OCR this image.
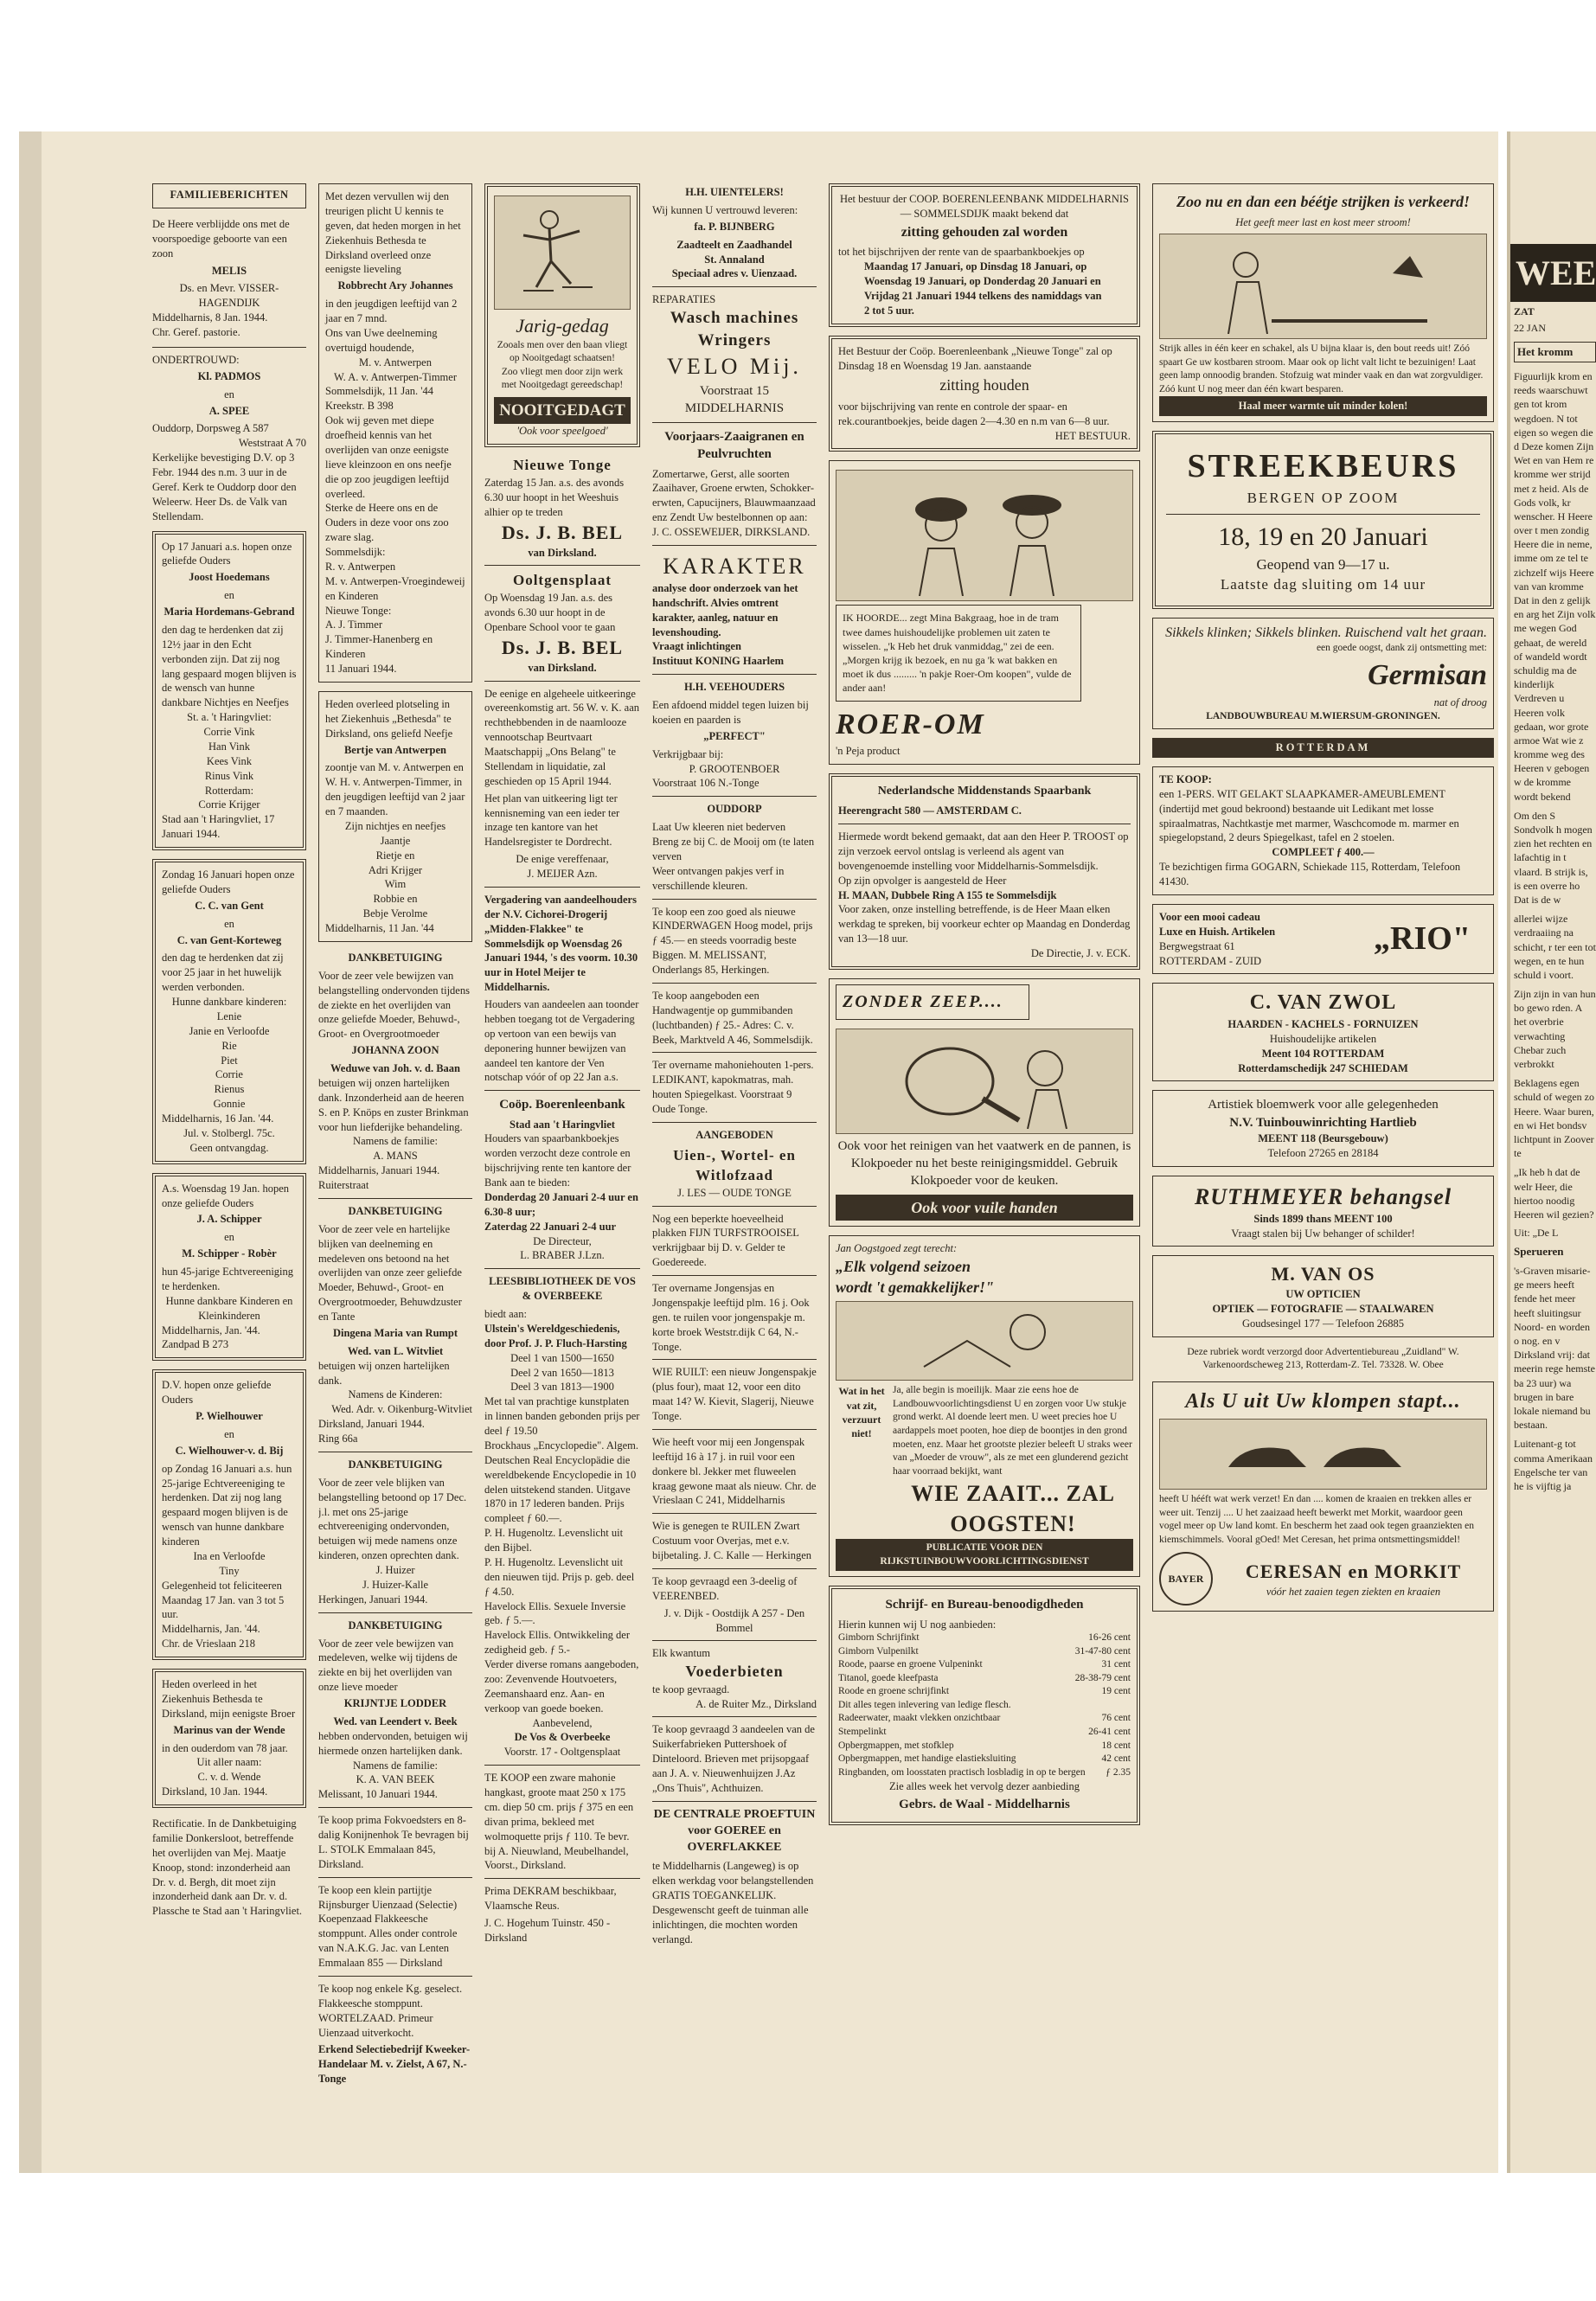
FAMILIEBERICHTEN
De Heere verblijdde ons met de voorspoedige geboorte van een zoon
MELIS
Ds. en Mevr. VISSER-HAGENDIJK
Middelharnis, 8 Jan. 1944.
Chr. Geref. pastorie.
ONDERTROUWD:
Kl. PADMOS
en
A. SPEE
Ouddorp, Dorpsweg A 587
Weststraat A 70
Kerkelijke bevestiging D.V. op 3 Febr. 1944 des n.m. 3 uur in de Geref. Kerk te Ouddorp door den Weleerw. Heer Ds. de Valk van Stellendam.
Op 17 Januari a.s. hopen onze geliefde Ouders
Joost Hoedemans
en
Maria Hordemans-Gebrand
den dag te herdenken dat zij 12½ jaar in den Echt verbonden zijn. Dat zij nog lang gespaard mogen blijven is de wensch van hunne dankbare Nichtjes en Neefjes
St. a. 't Haringvliet:
Corrie Vink
Han Vink
Kees Vink
Rinus Vink
Rotterdam:
Corrie Krijger
Stad aan 't Haringvliet, 17 Januari 1944.
Zondag 16 Januari hopen onze geliefde Ouders
C. C. van Gent
en
C. van Gent-Korteweg
den dag te herdenken dat zij voor 25 jaar in het huwelijk werden verbonden.
Hunne dankbare kinderen:
Lenie
Janie en Verloofde
Rie
Piet
Corrie
Rienus
Gonnie
Middelharnis, 16 Jan. '44.
Jul. v. Stolbergl. 75c.
Geen ontvangdag.
A.s. Woensdag 19 Jan. hopen onze geliefde Ouders
J. A. Schipper
en
M. Schipper - Robèr
hun 45-jarige Echtvereeniging te herdenken.
Hunne dankbare Kinderen en Kleinkinderen
Middelharnis, Jan. '44.
Zandpad B 273
D.V. hopen onze geliefde Ouders
P. Wielhouwer
en
C. Wielhouwer-v. d. Bij
op Zondag 16 Januari a.s. hun 25-jarige Echtvereeniging te herdenken. Dat zij nog lang gespaard mogen blijven is de wensch van hunne dankbare kinderen
Ina en Verloofde
Tiny
Gelegenheid tot feliciteeren Maandag 17 Jan. van 3 tot 5 uur.
Middelharnis, Jan. '44.
Chr. de Vrieslaan 218
Heden overleed in het Ziekenhuis Bethesda te Dirksland, mijn eenigste Broer
Marinus van der Wende
in den ouderdom van 78 jaar.
Uit aller naam:
C. v. d. Wende
Dirksland, 10 Jan. 1944.
Rectificatie. In de Dankbetuiging familie Donkersloot, betreffende het overlijden van Mej. Maatje Knoop, stond: inzonderheid aan Dr. v. d. Bergh, dit moet zijn inzonderheid dank aan Dr. v. d. Plassche te Stad aan 't Haringvliet.
Met dezen vervullen wij den treurigen plicht U kennis te geven, dat heden morgen in het Ziekenhuis Bethesda te Dirksland overleed onze eenigste lieveling
Robbrecht Ary Johannes
in den jeugdigen leeftijd van 2 jaar en 7 mnd.
Ons van Uwe deelneming overtuigd houdende,
M. v. Antwerpen
W. A. v. Antwerpen-Timmer
Sommelsdijk, 11 Jan. '44
Kreekstr. B 398
Ook wij geven met diepe droefheid kennis van het overlijden van onze eenigste lieve kleinzoon en ons neefje die op zoo jeugdigen leeftijd overleed.
Sterke de Heere ons en de Ouders in deze voor ons zoo zware slag.
Sommelsdijk:
R. v. Antwerpen
M. v. Antwerpen-Vroegindeweij en Kinderen
Nieuwe Tonge:
A. J. Timmer
J. Timmer-Hanenberg en Kinderen
11 Januari 1944.
Heden overleed plotseling in het Ziekenhuis „Bethesda" te Dirksland, ons geliefd Neefje
Bertje van Antwerpen
zoontje van M. v. Antwerpen en W. H. v. Antwerpen-Timmer, in den jeugdigen leeftijd van 2 jaar en 7 maanden.
Zijn nichtjes en neefjes
Jaantje
Rietje en
Adri Krijger
Wim
Robbie en
Bebje Verolme
Middelharnis, 11 Jan. '44
DANKBETUIGING
Voor de zeer vele bewijzen van belangstelling ondervonden tijdens de ziekte en het overlijden van onze geliefde Moeder, Behuwd-, Groot- en Overgrootmoeder
JOHANNA ZOON
Weduwe van Joh. v. d. Baan
betuigen wij onzen hartelijken dank. Inzonderheid aan de heeren S. en P. Knöps en zuster Brinkman voor hun liefderijke behandeling.
Namens de familie:
A. MANS
Middelharnis, Januari 1944.
Ruiterstraat
DANKBETUIGING
Voor de zeer vele en hartelijke blijken van deelneming en medeleven ons betoond na het overlijden van onze zeer geliefde Moeder, Behuwd-, Groot- en Overgrootmoeder, Behuwdzuster en Tante
Dingena Maria van Rumpt
Wed. van L. Witvliet
betuigen wij onzen hartelijken dank.
Namens de Kinderen:
Wed. Adr. v. Oikenburg-Witvliet
Dirksland, Januari 1944.
Ring 66a
DANKBETUIGING
Voor de zeer vele blijken van belangstelling betoond op 17 Dec. j.l. met ons 25-jarige echtvereeniging ondervonden, betuigen wij mede namens onze kinderen, onzen oprechten dank.
J. Huizer
J. Huizer-Kalle
Herkingen, Januari 1944.
DANKBETUIGING
Voor de zeer vele bewijzen van medeleven, welke wij tijdens de ziekte en bij het overlijden van onze lieve moeder
KRIJNTJE LODDER
Wed. van Leendert v. Beek
hebben ondervonden, betuigen wij hiermede onzen hartelijken dank.
Namens de familie:
K. A. VAN BEEK
Melissant, 10 Januari 1944.
Te koop prima Fokvoedsters en 8-dalig Konijnenhok Te bevragen bij L. STOLK Emmalaan 845, Dirksland.
Te koop een klein partijtje Rijnsburger Uienzaad (Selectie) Koepenzaad Flakkeesche stomppunt. Alles onder controle van N.A.K.G. Jac. van Lenten Emmalaan 855 — Dirksland
Te koop nog enkele Kg. geselect. Flakkeesche stomppunt. WORTELZAAD. Primeur Uienzaad uitverkocht.
Erkend Selectiebedrijf Kweeker-Handelaar M. v. Zielst, A 67, N.-Tonge
Jarig-gedag
Zooals men over den baan vliegt op Nooitgedagt schaatsen!
Zoo vliegt men door zijn werk met Nooitgedagt gereedschap!
NOOITGEDAGT
'Ook voor speelgoed'
Nieuwe Tonge
Zaterdag 15 Jan. a.s. des avonds 6.30 uur hoopt in het Weeshuis alhier op te treden
Ds. J. B. BEL
van Dirksland.
Ooltgensplaat
Op Woensdag 19 Jan. a.s. des avonds 6.30 uur hoopt in de Openbare School voor te gaan
Ds. J. B. BEL
van Dirksland.
De eenige en algeheele uitkeeringe overeenkomstig art. 56 W. v. K. aan rechthebbenden in de naamlooze vennootschap Beurtvaart Maatschappij „Ons Belang" te Stellendam in liquidatie, zal geschieden op 15 April 1944.
Het plan van uitkeering ligt ter kennisneming van een ieder ter inzage ten kantore van het Handelsregister te Dordrecht.
De enige vereffenaar,
J. MEIJER Azn.
Vergadering van aandeelhouders der N.V. Cichorei-Drogerij „Midden-Flakkee" te Sommelsdijk op Woensdag 26 Januari 1944, 's des voorm. 10.30 uur in Hotel Meijer te Middelharnis.
Houders van aandeelen aan toonder hebben toegang tot de Vergadering op vertoon van een bewijs van deponering hunner bewijzen van aandeel ten kantore der Ven notschap vóór of op 22 Jan a.s.
Coöp. Boerenleenbank
Stad aan 't Haringvliet
Houders van spaarbankboekjes worden verzocht deze controle en bijschrijving rente ten kantore der Bank aan te bieden:
Donderdag 20 Januari 2-4 uur en 6.30-8 uur;
Zaterdag 22 Januari 2-4 uur
De Directeur,
L. BRABER J.Lzn.
LEESBIBLIOTHEEK DE VOS & OVERBEEKE
biedt aan:
Ulstein's Wereldgeschiedenis, door Prof. J. P. Fluch-Harsting
Deel 1 van 1500—1650
Deel 2 van 1650—1813
Deel 3 van 1813—1900
Met tal van prachtige kunstplaten in linnen banden gebonden prijs per deel ƒ 19.50
Brockhaus „Encyclopedie". Algem. Deutschen Real Encyclopädie die wereldbekende Encyclopedie in 10 delen uitstekend standen. Uitgave 1870 in 17 lederen banden. Prijs compleet ƒ 60.—.
P. H. Hugenoltz. Levenslicht uit den Bijbel.
P. H. Hugenoltz. Levenslicht uit den nieuwen tijd. Prijs p. geb. deel ƒ 4.50.
Havelock Ellis. Sexuele Inversie geb. ƒ 5.—.
Havelock Ellis. Ontwikkeling der zedigheid geb. ƒ 5.-
Verder diverse romans aangeboden, zoo: Zevenvende Houtvoeters, Zeemanshaard enz. Aan- en verkoop van goede boeken.
Aanbevelend,
De Vos & Overbeeke
Voorstr. 17 - Ooltgensplaat
TE KOOP een zware mahonie hangkast, groote maat 250 x 175 cm. diep 50 cm. prijs ƒ 375 en een divan prima, bekleed met wolmoquette prijs ƒ 110. Te bevr. bij A. Nieuwland, Meubelhandel, Voorst., Dirksland.
Prima DEKRAM beschikbaar, Vlaamsche Reus.
J. C. Hogehum Tuinstr. 450 - Dirksland
H.H. UIENTELERS!
Wij kunnen U vertrouwd leveren:
fa. P. BIJNBERG
Zaadteelt en Zaadhandel
St. Annaland
Speciaal adres v. Uienzaad.
REPARATIES
Wasch machines
Wringers
VELO Mij.
Voorstraat 15
MIDDELHARNIS
Voorjaars-Zaaigranen en Peulvruchten
Zomertarwe, Gerst, alle soorten Zaaihaver, Groene erwten, Schokker-erwten, Capucijners, Blauwmaanzaad enz Zendt Uw bestelbonnen op aan: J. C. OSSEWEIJER, DIRKSLAND.
KARAKTER
analyse door onderzoek van het handschrift. Alvies omtrent karakter, aanleg, natuur en levenshouding.
Vraagt inlichtingen
Instituut KONING Haarlem
H.H. VEEHOUDERS
Een afdoend middel tegen luizen bij koeien en paarden is
„PERFECT"
Verkrijgbaar bij:
P. GROOTENBOER
Voorstraat 106 N.-Tonge
OUDDORP
Laat Uw kleeren niet bederven
Breng ze bij C. de Mooij om (te laten verven
Weer ontvangen pakjes verf in verschillende kleuren.
Te koop een zoo goed als nieuwe KINDERWAGEN Hoog model, prijs ƒ 45.— en steeds voorradig beste Biggen. M. MELISSANT, Onderlangs 85, Herkingen.
Te koop aangeboden een Handwagentje op gummibanden (luchtbanden) ƒ 25.- Adres: C. v. Beek, Marktveld A 46, Sommelsdijk.
Ter overname mahoniehouten 1-pers. LEDIKANT, kapokmatras, mah. houten Spiegelkast. Voorstraat 9 Oude Tonge.
AANGEBODEN
Uien-, Wortel- en Witlofzaad
J. LES — OUDE TONGE
Nog een beperkte hoeveelheid plakken FIJN TURFSTROOISEL verkrijgbaar bij D. v. Gelder te Goedereede.
Ter overname Jongensjas en Jongenspakje leeftijd plm. 16 j. Ook gen. te ruilen voor jongenspakje m. korte broek Weststr.dijk C 64, N.-Tonge.
WIE RUILT: een nieuw Jongenspakje (plus four), maat 12, voor een dito maat 14? W. Kievit, Slagerij, Nieuwe Tonge.
Wie heeft voor mij een Jongenspak leeftijd 16 à 17 j. in ruil voor een donkere bl. Jekker met fluweelen kraag gewone maat als nieuw. Chr. de Vrieslaan C 241, Middelharnis
Wie is genegen te RUILEN Zwart Costuum voor Overjas, met e.v. bijbetaling. J. C. Kalle — Herkingen
Te koop gevraagd een 3-deelig of VEERENBED.
J. v. Dijk - Oostdijk A 257 - Den Bommel
Elk kwantum
Voederbieten
te koop gevraagd.
A. de Ruiter Mz., Dirksland
Te koop gevraagd 3 aandeelen van de Suikerfabrieken Puttershoek of Dinteloord. Brieven met prijsopgaaf aan J. A. v. Nieuwenhuijzen J.Az „Ons Thuis", Achthuizen.
DE CENTRALE PROEFTUIN voor GOEREE en OVERFLAKKEE
te Middelharnis (Langeweg) is op elken werkdag voor belangstellenden GRATIS TOEGANKELIJK.
Desgewenscht geeft de tuinman alle inlichtingen, die mochten worden verlangd.
Het bestuur der COOP. BOERENLEENBANK MIDDELHARNIS — SOMMELSDIJK maakt bekend dat
zitting gehouden zal worden
tot het bijschrijven der rente van de spaarbankboekjes op
Maandag 17 Januari, op Dinsdag 18 Januari, op Woensdag 19 Januari, op Donderdag 20 Januari en Vrijdag 21 Januari 1944 telkens des namiddags van 2 tot 5 uur.
Het Bestuur der Coöp. Boerenleenbank „Nieuwe Tonge" zal op Dinsdag 18 en Woensdag 19 Jan. aanstaande
zitting houden
voor bijschrijving van rente en controle der spaar- en rek.courantboekjes, beide dagen 2—4.30 en n.m van 6—8 uur.
HET BESTUUR.
IK HOORDE... zegt Mina Bakgraag, hoe in de tram twee dames huishoudelijke problemen uit zaten te wisselen. „'k Heb het druk vanmiddag," zei de een. „Morgen krijg ik bezoek, en nu ga 'k wat bakken en moet ik dus ......... 'n pakje Roer-Om koopen", vulde de ander aan!
ROER-OM
'n Peja product
Nederlandsche Middenstands Spaarbank
Heerengracht 580 — AMSTERDAM C.
Hiermede wordt bekend gemaakt, dat aan den Heer P. TROOST op zijn verzoek eervol ontslag is verleend als agent van bovengenoemde instelling voor Middelharnis-Sommelsdijk.
Op zijn opvolger is aangesteld de Heer
H. MAAN, Dubbele Ring A 155 te Sommelsdijk
Voor zaken, onze instelling betreffende, is de Heer Maan elken werkdag te spreken, bij voorkeur echter op Maandag en Donderdag van 13—18 uur.
De Directie, J. v. ECK.
ZONDER ZEEP....
Ook voor het reinigen van het vaatwerk en de pannen, is Klokpoeder nu het beste reinigingsmiddel. Gebruik Klokpoeder voor de keuken.
Ook voor vuile handen
Jan Oogstgoed zegt terecht:
„Elk volgend seizoen wordt 't gemakkelijker!"
Wat in het vat zit, verzuurt niet!
Ja, alle begin is moeilijk. Maar zie eens hoe de Landbouwvoorlichtingsdienst U en zorgen voor Uw stukje grond werkt. Al doende leert men. U weet precies hoe U aardappels moet pooten, hoe diep de boontjes in den grond moeten, enz. Maar het grootste plezier beleeft U straks weer van „Moeder de vrouw", als ze met een glunderend gezicht haar voorraad bekijkt, want
WIE ZAAIT... ZAL OOGSTEN!
PUBLICATIE VOOR DEN RIJKSTUINBOUWVOORLICHTINGSDIENST
Schrijf- en Bureau-benoodigdheden
Hierin kunnen wij U nog aanbieden:
Gimborn Schrijfinkt	16-26 cent
Gimborn Vulpenilkt	31-47-80 cent
Roode, paarse en groene Vulpeninkt	31 cent
Titanol, goede kleefpasta	28-38-79 cent
Roode en groene schrijfinkt	19 cent
Dit alles tegen inlevering van ledige flesch.
Radeerwater, maakt vlekken onzichtbaar	76 cent
Stempelinkt	26-41 cent
Opbergmappen, met stofklep	18 cent
Opbergmappen, met handige elastieksluiting	42 cent
Ringbanden, om loosstaten practisch losbladig in op te bergen ƒ 2.35
Zie alles week het vervolg dezer aanbieding
Gebrs. de Waal - Middelharnis
Zoo nu en dan een béétje strijken is verkeerd!
Het geeft meer last en kost meer stroom!
Strijk alles in één keer en schakel, als U bijna klaar is, den bout reeds uit! Zóó spaart Ge uw kostbaren stroom. Maar ook op licht valt licht te bezuinigen! Laat geen lamp onnoodig branden. Stofzuig wat minder vaak en dan wat zorgvuldiger. Zóó kunt U nog meer dan één kwart besparen.
Haal meer warmte uit minder kolen!
STREEKBEURS
BERGEN OP ZOOM
18, 19 en 20 Januari
Geopend van 9—17 u.
Laatste dag sluiting om 14 uur
Sikkels klinken; Sikkels blinken. Ruischend valt het graan.
een goede oogst, dank zij ontsmetting met:
Germisan
nat of droog
LANDBOUWBUREAU M.WIERSUM-GRONINGEN.
ROTTERDAM
TE KOOP:
een 1-PERS. WIT GELAKT SLAAPKAMER-AMEUBLEMENT (indertijd met goud bekroond) bestaande uit Ledikant met losse spiraalmatras, Nachtkastje met marmer, Waschcomode m. marmer en spiegelopstand, 2 deurs Spiegelkast, tafel en 2 stoelen.
COMPLEET ƒ 400.—
Te bezichtigen firma GOGARN, Schiekade 115, Rotterdam, Telefoon 41430.
Voor een mooi cadeau
Luxe en Huish. Artikelen
Bergwegstraat 61
ROTTERDAM - ZUID
„RIO"
C. VAN ZWOL
HAARDEN - KACHELS - FORNUIZEN
Huishoudelijke artikelen
Meent 104 ROTTERDAM
Rotterdamschedijk 247 SCHIEDAM
Artistiek bloemwerk voor alle gelegenheden
N.V. Tuinbouwinrichting Hartlieb
MEENT 118 (Beursgebouw)
Telefoon 27265 en 28184
RUTHMEYER behangsel
Sinds 1899 thans MEENT 100
Vraagt stalen bij Uw behanger of schilder!
M. VAN OS
UW OPTICIEN
OPTIEK — FOTOGRAFIE — STAALWAREN
Goudsesingel 177 — Telefoon 26885
Deze rubriek wordt verzorgd door Advertentiebureau „Zuidland" W. Varkenoordscheweg 213, Rotterdam-Z. Tel. 73328. W. Obee
Als U uit Uw klompen stapt...
heeft U hééft wat werk verzet! En dan .... komen de kraaien en trekken alles er weer uit. Tenzij .... U het zaaizaad heeft bewerkt met Morkit, waardoor geen vogel meer op Uw land komt. En bescherm het zaad ook tegen graanziekten en kiemschimmels. Vooral gOed! Met Ceresan, het prima ontsmettingsmiddel!
BAYER	CERESAN en MORKIT
vóór het zaaien tegen ziekten en kraaien
WEE
ZAT
22 JAN
Het kromm
Figuurlijk krom en reeds waarschuwt gen tot krom wegdoen. N tot eigen so wegen die d Deze komen Zijn Wet en van Hem re kromme wer strijd met z heid. Als de Gods volk, kr wenscher. H Heere over t men zondig Heere die in neme, imme om ze tel te zichzelf wijs Heere van van kromme Dat in den z gelijk en arg het Zijn volk me wegen God gehaat, de wereld of wandeld wordt schuldig ma de kinderlijk Verdreven u Heeren volk gedaan, wor grote armoe Wat wie z kromme weg des Heeren v gebogen w de kromme wordt bekend
Om den S Sondvolk h mogen zien het rechten en lafachtig in t vlaard. B strijk is, is een overre ho Dat is de w
allerlei wijze verdraaiing na schicht, r ter een tot wegen, en te hun schuld i voort.
Zijn zijn in van hun bo gewo rden. A het overbrie verwachting Chebar zuch verbrokkt
Beklagens egen schuld of wegen zo Heere. Waar buren, en wi Het bondsv lichtpunt in Zoover te
„Ik heb h dat de welr Heer, die hiertoo noodig Heeren wil gezien?
Uit: „De L
Sperueren
's-Graven misarie-ge meers heeft fende het meer heeft sluitingsur Noord- en worden o nog. en v Dirksland vrij: dat meerin rege hemste ba 23 uur) wa brugen in bare lokale niemand bu bestaan.
Luitenant-g tot comma Amerikaan Engelsche ter van he is vijftig ja
